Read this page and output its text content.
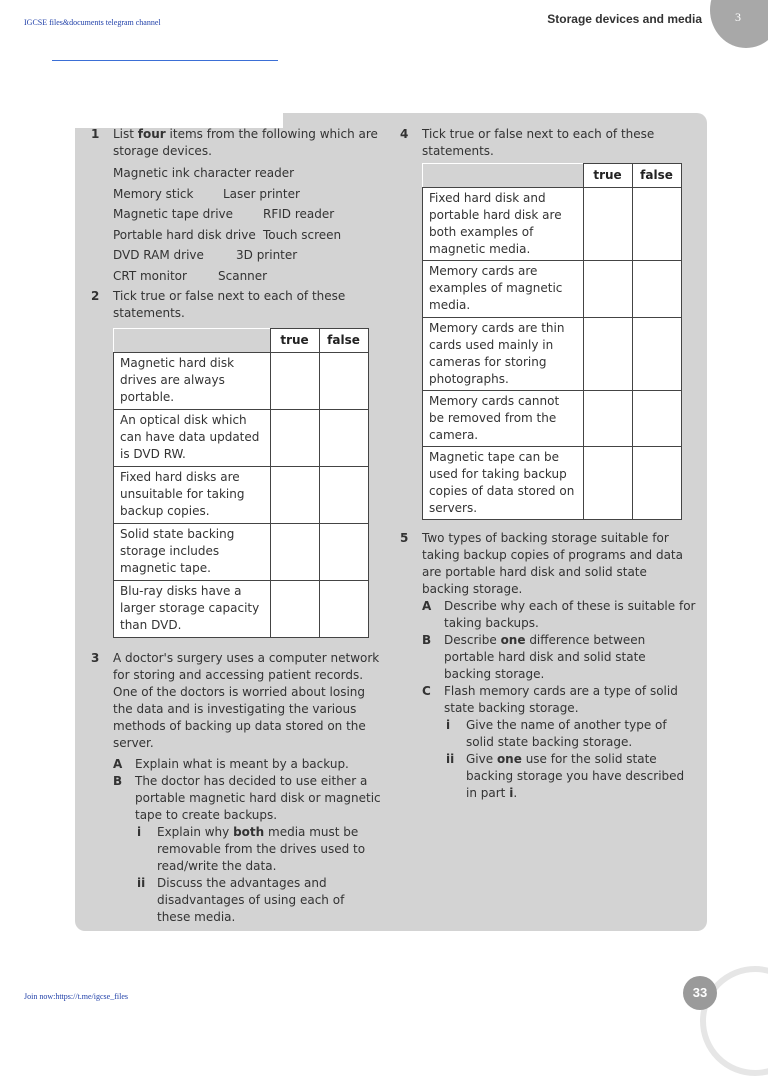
IGCSE files&documents telegram channel	Storage devices and media	3
1 List four items from the following which are storage devices.

Magnetic ink character reader
Memory stick Laser printer
Magnetic tape drive RFID reader
Portable hard disk drive Touch screen
DVD RAM drive	3D printer
CRT monitor	Scanner
2 Tick true or false next to each of these statements.

	true	false
Magnetic hard disk drives are always portable.		
An optical disk which can have data updated is DVD RW.		
Fixed hard disks are unsuitable for taking backup copies.		
Solid state backing storage includes magnetic tape.		
Blu-ray disks have a larger storage capacity than DVD.		
3 A doctor's surgery uses a computer network for storing and accessing patient records. One of the doctors is worried about losing the data and is investigating the various methods of backing up data stored on the server.

A Explain what is meant by a backup.

B The doctor has decided to use either a portable magnetic hard disk or magnetic tape to create backups.

i Explain why both media must be removable from the drives used to read/write the data.

ii Discuss the advantages and disadvantages of using each of these media.

4 Tick true or false next to each of these statements.

	true	false
Fixed hard disk and portable hard disk are both examples of magnetic media.		
Memory cards are examples of magnetic media.		
Memory cards are thin cards used mainly in cameras for storing photographs.		
Memory cards cannot be removed from the camera.		
Magnetic tape can be used for taking backup copies of data stored on servers.		
5 Two types of backing storage suitable for taking backup copies of programs and data are portable hard disk and solid state backing storage.

A Describe why each of these is suitable for taking backups.

B Describe one difference between portable hard disk and solid state backing storage.

C Flash memory cards are a type of solid state backing storage.

i Give the name of another type of solid state backing storage.

ii Give one use for the solid state backing storage you have described in part i.

Join now:https://t.me/igcse_files	33
